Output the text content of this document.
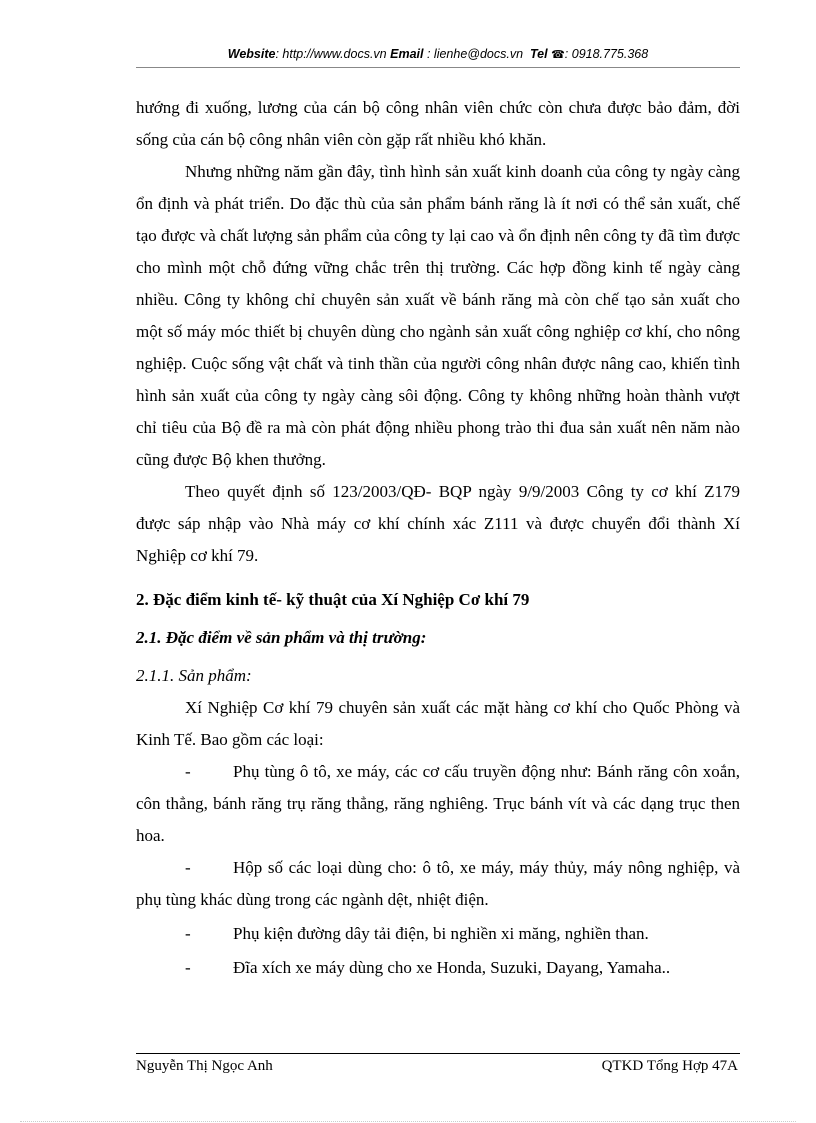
Website: http://www.docs.vn Email : lienhe@docs.vn Tel ☎: 0918.775.368

hướng đi xuống, lương của cán bộ công nhân viên chức còn chưa được bảo đảm, đời sống của cán bộ công nhân viên còn gặp rất nhiều khó khăn.

Nhưng những năm gần đây, tình hình sản xuất kinh doanh của công ty ngày càng ổn định và phát triển. Do đặc thù của sản phẩm bánh răng là ít nơi có thể sản xuất, chế tạo được và chất lượng sản phẩm của công ty lại cao và ổn định nên công ty đã tìm được cho mình một chỗ đứng vững chắc trên thị trường. Các hợp đồng kinh tế ngày càng nhiều. Công ty không chỉ chuyên sản xuất về bánh răng mà còn chế tạo sản xuất cho một số máy móc thiết bị chuyên dùng cho ngành sản xuất công nghiệp cơ khí, cho nông nghiệp. Cuộc sống vật chất và tinh thần của người công nhân được nâng cao, khiến tình hình sản xuất của công ty ngày càng sôi động. Công ty không những hoàn thành vượt chỉ tiêu của Bộ đề ra mà còn phát động nhiều phong trào thi đua sản xuất nên năm nào cũng được Bộ khen thưởng.

Theo quyết định số 123/2003/QĐ- BQP ngày 9/9/2003 Công ty cơ khí Z179 được sáp nhập vào Nhà máy cơ khí chính xác Z111 và được chuyển đổi thành Xí Nghiệp cơ khí 79.

2. Đặc điểm kinh tế- kỹ thuật của Xí Nghiệp Cơ khí 79

2.1. Đặc điểm về sản phẩm và thị trường:

2.1.1. Sản phẩm:

Xí Nghiệp Cơ khí 79 chuyên sản xuất các mặt hàng cơ khí cho Quốc Phòng và Kinh Tế. Bao gồm các loại:

- Phụ tùng ô tô, xe máy, các cơ cấu truyền động như: Bánh răng côn xoắn, côn thẳng, bánh răng trụ răng thẳng, răng nghiêng. Trục bánh vít và các dạng trục then hoa.

- Hộp số các loại dùng cho: ô tô, xe máy, máy thủy, máy nông nghiệp, và phụ tùng khác dùng trong các ngành dệt, nhiệt điện.

- Phụ kiện đường dây tải điện, bi nghiền xi măng, nghiền than.

- Đĩa xích xe máy dùng cho xe Honda, Suzuki, Dayang, Yamaha..

Nguyễn Thị Ngọc Anh	QTKD Tổng Hợp 47A
